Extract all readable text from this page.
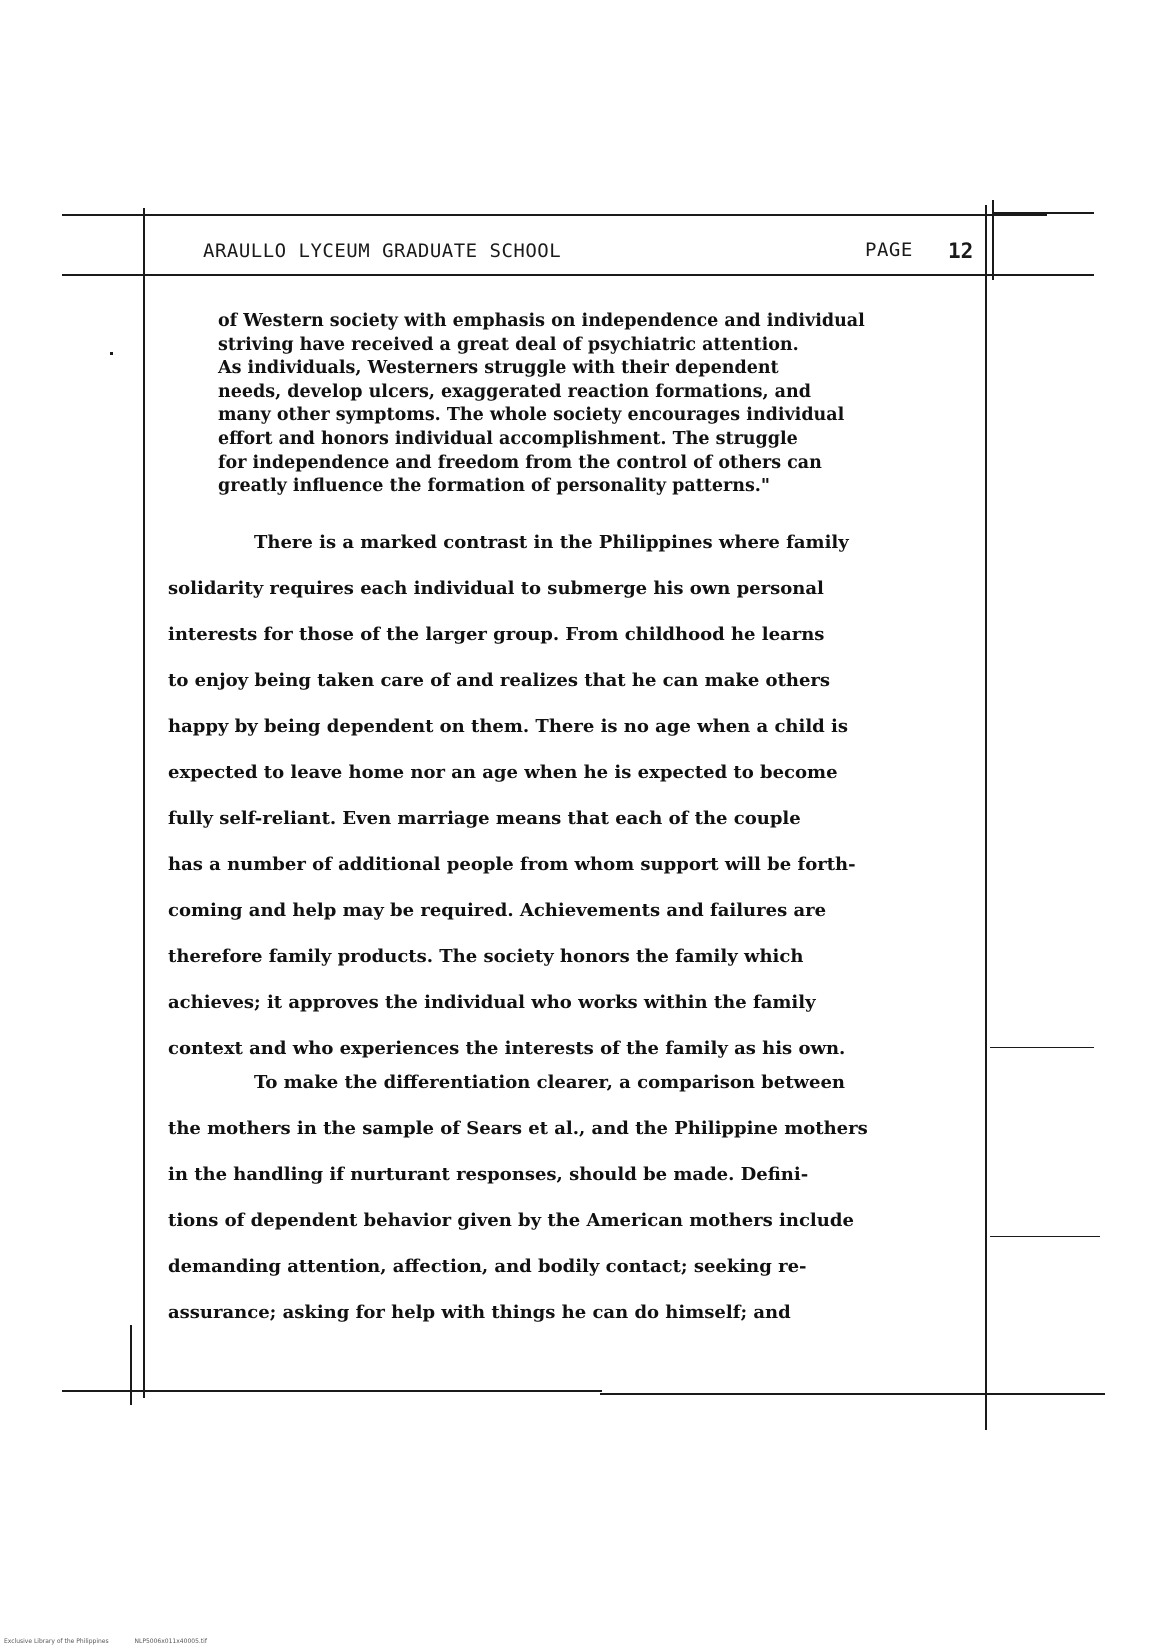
ARAULLO LYCEUM GRADUATE SCHOOL	PAGE 12
of Western society with emphasis on independence and individual
striving have received a great deal of psychiatric attention.
As individuals, Westerners struggle with their dependent
needs, develop ulcers, exaggerated reaction formations, and
many other symptoms. The whole society encourages individual
effort and honors individual accomplishment. The struggle
for independence and freedom from the control of others can
greatly influence the formation of personality patterns."
There is a marked contrast in the Philippines where family
solidarity requires each individual to submerge his own personal
interests for those of the larger group. From childhood he learns
to enjoy being taken care of and realizes that he can make others
happy by being dependent on them. There is no age when a child is
expected to leave home nor an age when he is expected to become
fully self-reliant. Even marriage means that each of the couple
has a number of additional people from whom support will be forth-
coming and help may be required. Achievements and failures are
therefore family products. The society honors the family which
achieves; it approves the individual who works within the family
context and who experiences the interests of the family as his own.
To make the differentiation clearer, a comparison between
the mothers in the sample of Sears et al., and the Philippine mothers
in the handling if nurturant responses, should be made. Defini-
tions of dependent behavior given by the American mothers include
demanding attention, affection, and bodily contact; seeking re-
assurance; asking for help with things he can do himself; and
Exclusive Library of the Philippines	NLP5006x011x40005.tif
